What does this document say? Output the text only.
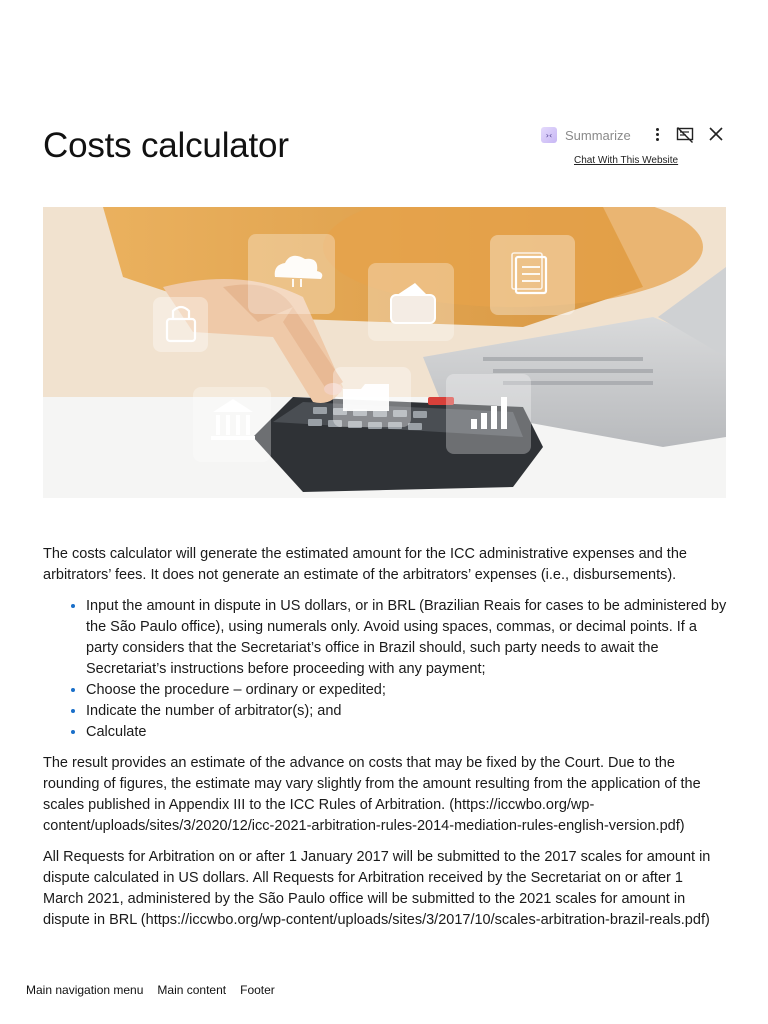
Costs calculator	›‹ Summarize
Chat With This Website

The costs calculator will generate the estimated amount for the ICC administrative expenses and the arbitrators’ fees. It does not generate an estimate of the arbitrators’ expenses (i.e., disbursements).

• Input the amount in dispute in US dollars, or in BRL (Brazilian Reais for cases to be administered by the São Paulo office), using numerals only. Avoid using spaces, commas, or decimal points. If a party considers that the Secretariat’s office in Brazil should, such party needs to await the Secretariat’s instructions before proceeding with any payment;
• Choose the procedure – ordinary or expedited;
• Indicate the number of arbitrator(s); and
• Calculate

The result provides an estimate of the advance on costs that may be fixed by the Court. Due to the rounding of figures, the estimate may vary slightly from the amount resulting from the application of the scales published in Appendix III to the ICC Rules of Arbitration. (https://iccwbo.org/wp-content/uploads/sites/3/2020/12/icc-2021-arbitration-rules-2014-mediation-rules-english-version.pdf)

All Requests for Arbitration on or after 1 January 2017 will be submitted to the 2017 scales for amount in dispute calculated in US dollars. All Requests for Arbitration received by the Secretariat on or after 1 March 2021, administered by the São Paulo office will be submitted to the 2021 scales for amount in dispute in BRL (https://iccwbo.org/wp-content/uploads/sites/3/2017/10/scales-arbitration-brazil-reals.pdf)

Main navigation menu Main content Footer
